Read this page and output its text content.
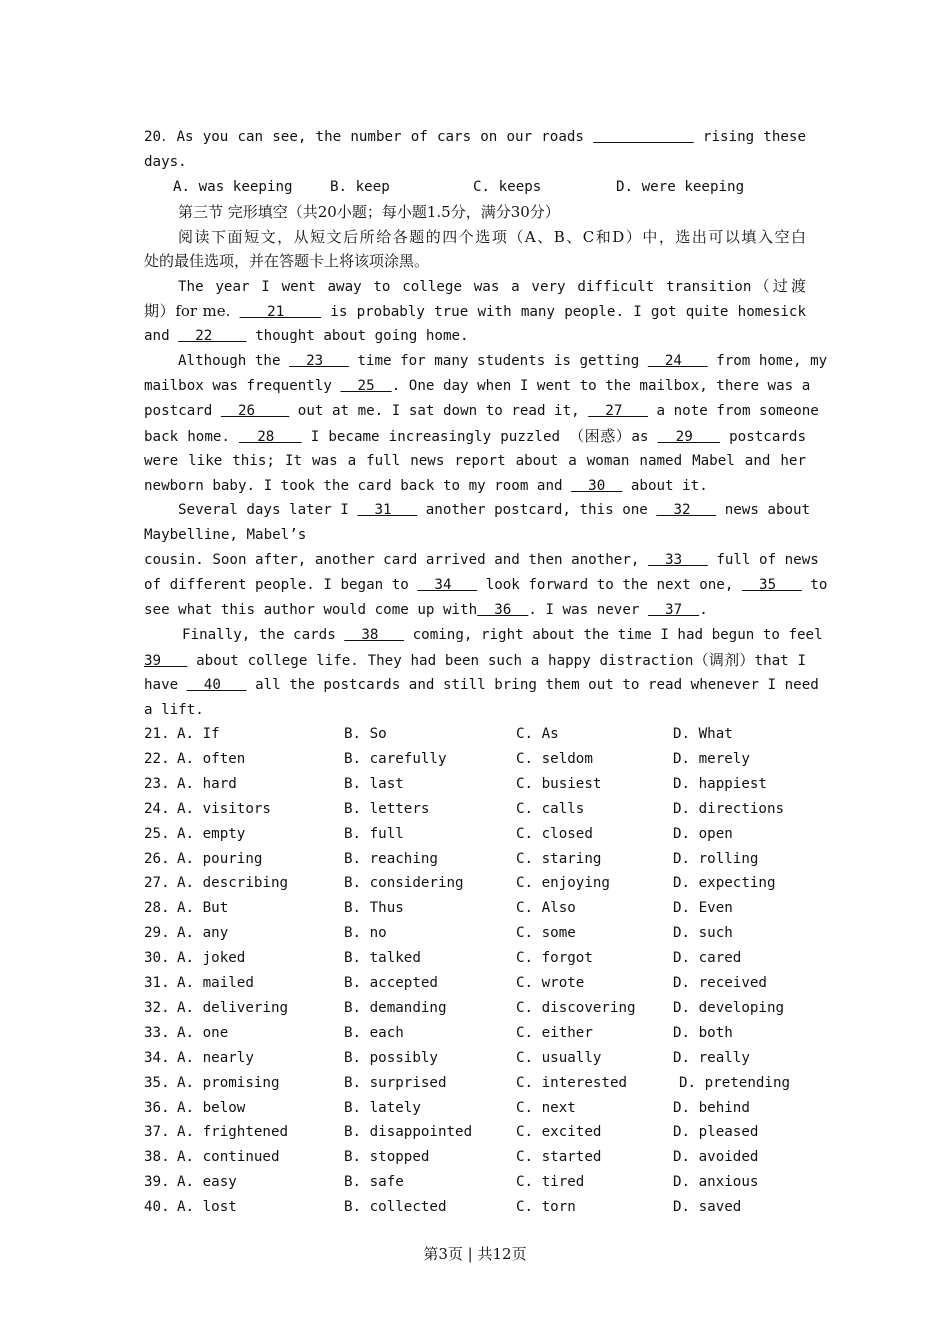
20．As you can see, the number of cars on our roads	rising these
days.
A. was keeping	B. keep	C. keeps	D. were keeping
第三节 完形填空（共20小题；每小题1.5分，满分30分）
阅读下面短文，从短文后所给各题的四个选项（A、B、C和D）中，选出可以填入空白
处的最佳选项，并在答题卡上将该项涂黑。
The year I went away to college was a very difficult transition（过渡
期）for me.    21     is probably true with many people. I got quite homesick
and   22     thought about going home.
Although the   23    time for many students is getting   24    from home, my
mailbox was frequently   25  . One day when I went to the mailbox, there was a
postcard   26     out at me. I sat down to read it,   27    a note from someone
back home.   28    I became increasingly puzzled （困惑）as   29    postcards
were like this; It was a full news report about a woman named Mabel and her
newborn baby. I took the card back to my room and   30   about it.
Several days later I   31    another postcard, this one   32    news about
Maybelline, Mabel’s
cousin. Soon after, another card arrived and then another,   33    full of news
of different people. I began to   34    look forward to the next one,   35    to
see what this author would come up with  36  . I was never   37  .
Finally, the cards   38    coming, right about the time I had begun to feel
39    about college life. They had been such a happy distraction（调剂）that I
have   40    all the postcards and still bring them out to read whenever I need
a lift.
21. A. If	B. So	C. As	D. What
22. A. often	B. carefully	C. seldom	D. merely
23. A. hard	B. last	C. busiest	D. happiest
24. A. visitors	B. letters	C. calls	D. directions
25. A. empty	B. full	C. closed	D. open
26. A. pouring	B. reaching	C. staring	D. rolling
27. A. describing	B. considering	C. enjoying	D. expecting
28. A. But	B. Thus	C. Also	D. Even
29. A. any	B. no	C. some	D. such
30. A. joked	B. talked	C. forgot	D. cared
31. A. mailed	B. accepted	C. wrote	D. received
32. A. delivering	B. demanding	C. discovering	D. developing
33. A. one	B. each	C. either	D. both
34. A. nearly	B. possibly	C. usually	D. really
35. A. promising	B. surprised	C. interested	D. pretending
36. A. below	B. lately	C. next	D. behind
37. A. frightened	B. disappointed	C. excited	D. pleased
38. A. continued	B. stopped	C. started	D. avoided
39. A. easy	B. safe	C. tired	D. anxious
40. A. lost	B. collected	C. torn	D. saved
第3页 | 共12页
